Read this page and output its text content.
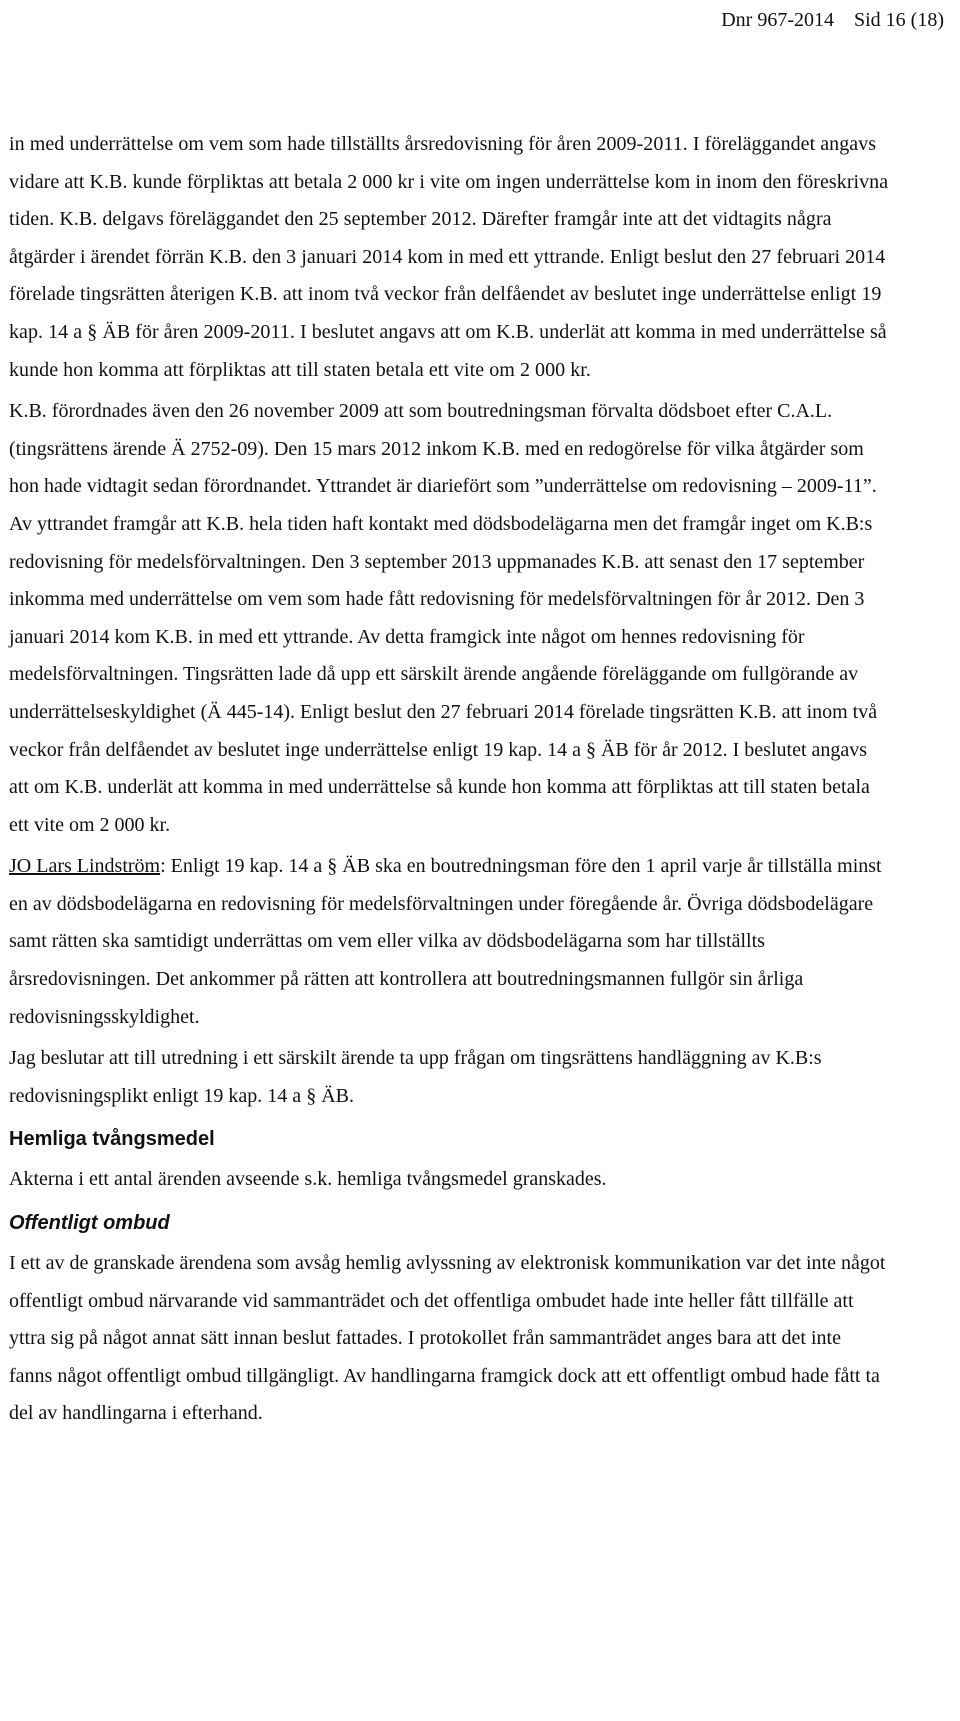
Dnr 967-2014 Sid 16 (18)

in med underrättelse om vem som hade tillställts årsredovisning för åren 2009-2011. I föreläggandet angavs vidare att K.B. kunde förpliktas att betala 2 000 kr i vite om ingen underrättelse kom in inom den föreskrivna tiden. K.B. delgavs föreläggandet den 25 september 2012. Därefter framgår inte att det vidtagits några åtgärder i ärendet förrän K.B. den 3 januari 2014 kom in med ett yttrande. Enligt beslut den 27 februari 2014 förelade tingsrätten återigen K.B. att inom två veckor från delfåendet av beslutet inge underrättelse enligt 19 kap. 14 a § ÄB för åren 2009-2011. I beslutet angavs att om K.B. underlät att komma in med underrättelse så kunde hon komma att förpliktas att till staten betala ett vite om 2 000 kr.

K.B. förordnades även den 26 november 2009 att som boutredningsman förvalta dödsboet efter C.A.L. (tingsrättens ärende Ä 2752-09). Den 15 mars 2012 inkom K.B. med en redogörelse för vilka åtgärder som hon hade vidtagit sedan förordnandet. Yttrandet är diariefört som ”underrättelse om redovisning – 2009-11”. Av yttrandet framgår att K.B. hela tiden haft kontakt med dödsbodelägarna men det framgår inget om K.B:s redovisning för medelsförvaltningen. Den 3 september 2013 uppmanades K.B. att senast den 17 september inkomma med underrättelse om vem som hade fått redovisning för medelsförvaltningen för år 2012. Den 3 januari 2014 kom K.B. in med ett yttrande. Av detta framgick inte något om hennes redovisning för medelsförvaltningen. Tingsrätten lade då upp ett särskilt ärende angående föreläggande om fullgörande av underrättelseskyldighet (Ä 445-14). Enligt beslut den 27 februari 2014 förelade tingsrätten K.B. att inom två veckor från delfåendet av beslutet inge underrättelse enligt 19 kap. 14 a § ÄB för år 2012. I beslutet angavs att om K.B. underlät att komma in med underrättelse så kunde hon komma att förpliktas att till staten betala ett vite om 2 000 kr.

JO Lars Lindström: Enligt 19 kap. 14 a § ÄB ska en boutredningsman före den 1 april varje år tillställa minst en av dödsbodelägarna en redovisning för medelsförvaltningen under föregående år. Övriga dödsbodelägare samt rätten ska samtidigt underrättas om vem eller vilka av dödsbodelägarna som har tillställts årsredovisningen. Det ankommer på rätten att kontrollera att boutredningsmannen fullgör sin årliga redovisningsskyldighet.

Jag beslutar att till utredning i ett särskilt ärende ta upp frågan om tingsrättens handläggning av K.B:s redovisningsplikt enligt 19 kap. 14 a § ÄB.

Hemliga tvångsmedel

Akterna i ett antal ärenden avseende s.k. hemliga tvångsmedel granskades.

Offentligt ombud

I ett av de granskade ärendena som avsåg hemlig avlyssning av elektronisk kommunikation var det inte något offentligt ombud närvarande vid sammanträdet och det offentliga ombudet hade inte heller fått tillfälle att yttra sig på något annat sätt innan beslut fattades. I protokollet från sammanträdet anges bara att det inte fanns något offentligt ombud tillgängligt. Av handlingarna framgick dock att ett offentligt ombud hade fått ta del av handlingarna i efterhand.
